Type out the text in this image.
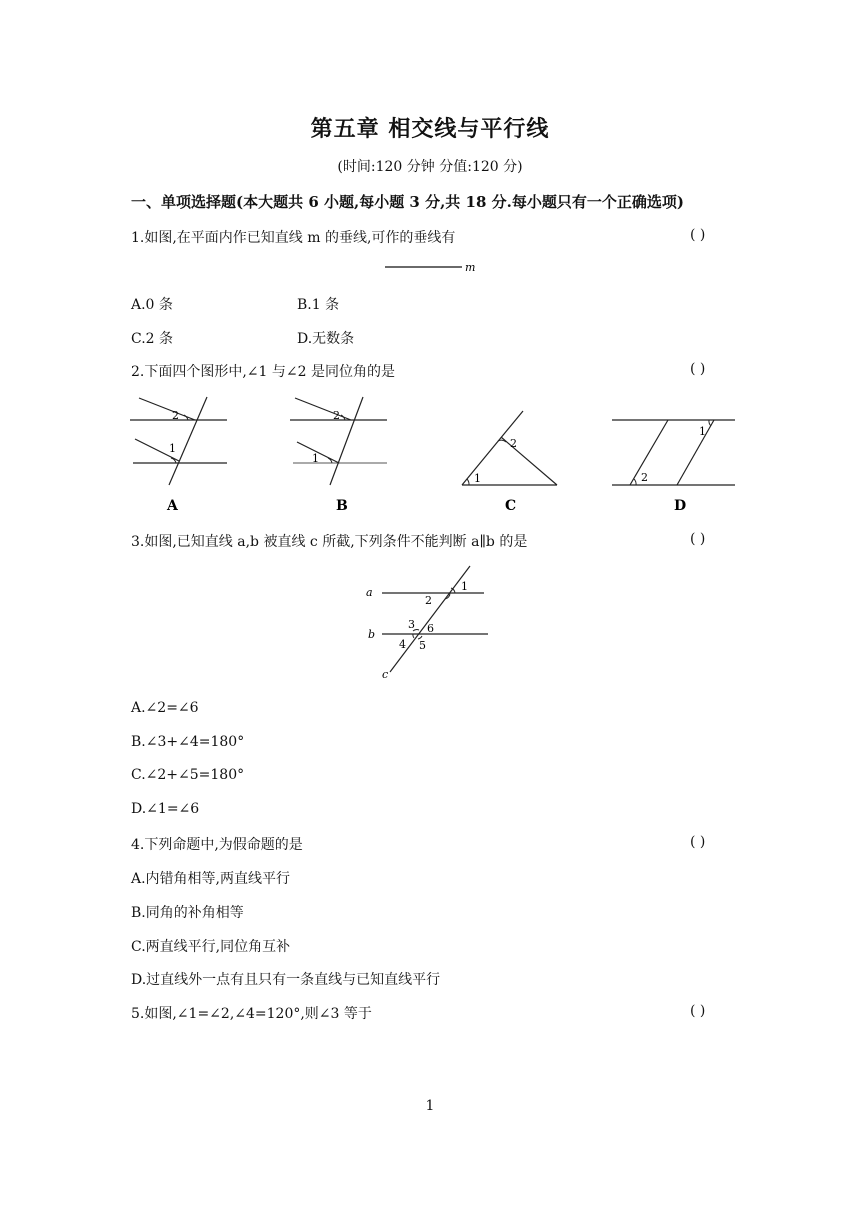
第五章 相交线与平行线
(时间:120 分钟 分值:120 分)
一、单项选择题(本大题共 6 小题,每小题 3 分,共 18 分.每小题只有一个正确选项)
1.如图,在平面内作已知直线 m 的垂线,可作的垂线有	( )
m
A.0 条	B.1 条
C.2 条	D.无数条
2.下面四个图形中,∠1 与∠2 是同位角的是	( )
2
1
A
2
1
B
1
2
C
2
1
D
3.如图,已知直线 a,b 被直线 c 所截,下列条件不能判断 a∥b 的是	( )
a
b
c
1
2
3 6
4 5
A.∠2=∠6
B.∠3+∠4=180°
C.∠2+∠5=180°
D.∠1=∠6
4.下列命题中,为假命题的是	( )
A.内错角相等,两直线平行
B.同角的补角相等
C.两直线平行,同位角互补
D.过直线外一点有且只有一条直线与已知直线平行
5.如图,∠1=∠2,∠4=120°,则∠3 等于	( )
1
